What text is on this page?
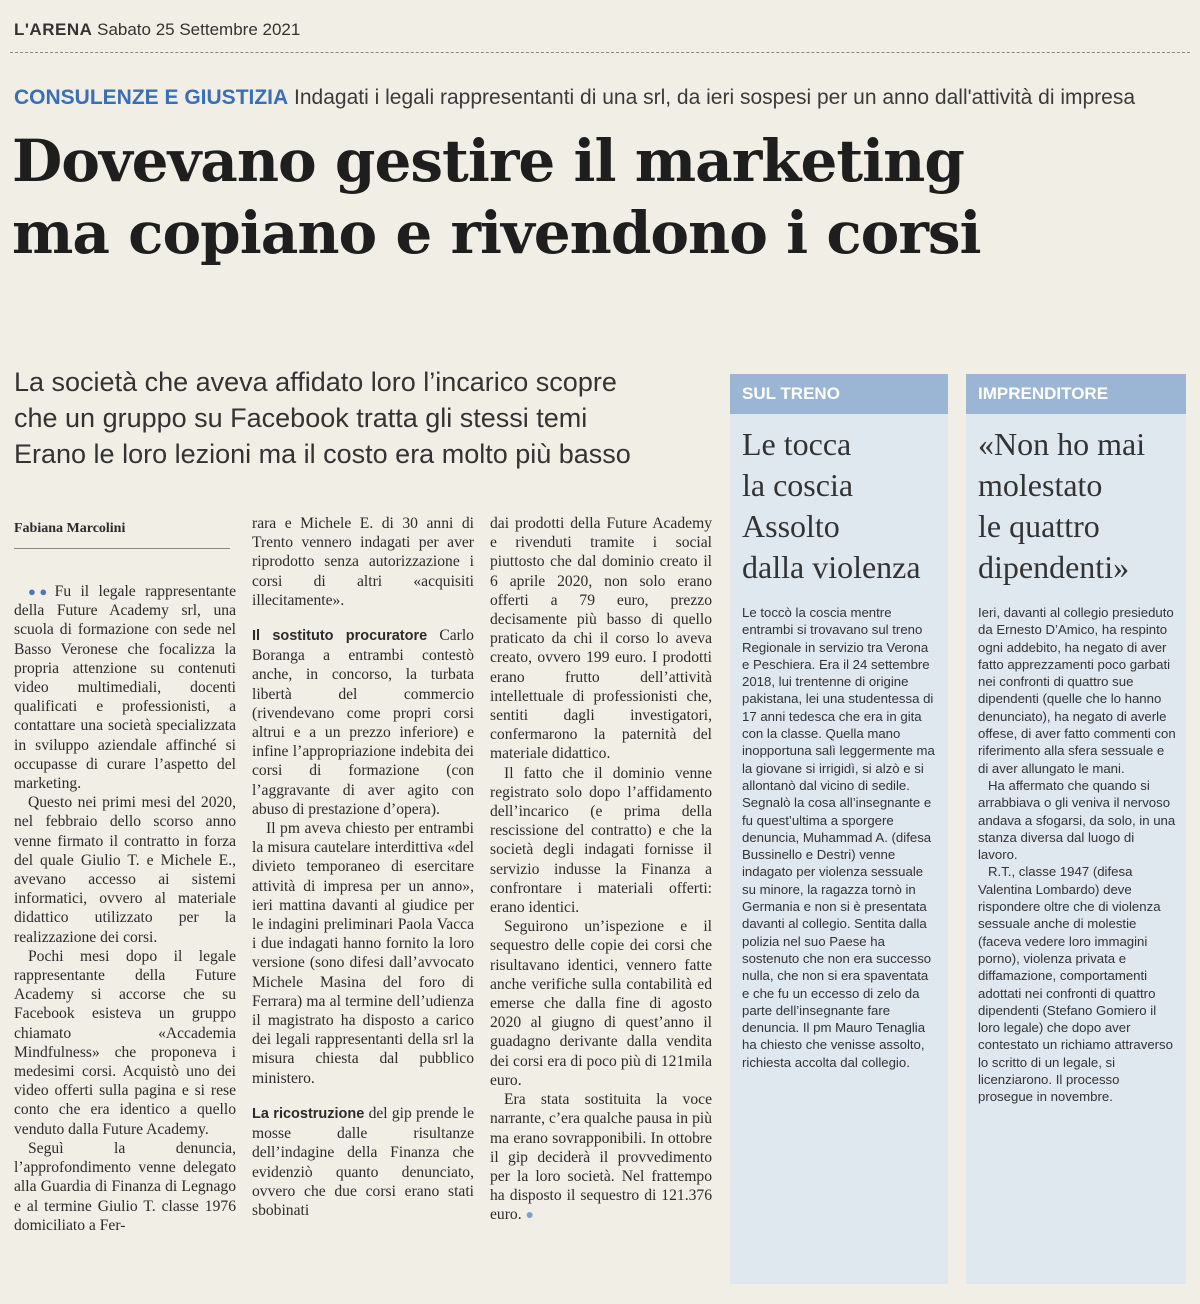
L'ARENA Sabato 25 Settembre 2021
CONSULENZE E GIUSTIZIA Indagati i legali rappresentanti di una srl, da ieri sospesi per un anno dall'attività di impresa
Dovevano gestire il marketing
ma copiano e rivendono i corsi
La società che aveva affidato loro l’incarico scopre
che un gruppo su Facebook tratta gli stessi temi
Erano le loro lezioni ma il costo era molto più basso
Fabiana Marcolini

●● Fu il legale rappresentante della Future Academy srl, una scuola di formazione con sede nel Basso Veronese che focalizza la propria attenzione su contenuti video multimediali, docenti qualificati e professionisti, a contattare una società specializzata in sviluppo aziendale affinché si occupasse di curare l’aspetto del marketing.

Questo nei primi mesi del 2020, nel febbraio dello scorso anno venne firmato il contratto in forza del quale Giulio T. e Michele E., avevano accesso ai sistemi informatici, ovvero al materiale didattico utilizzato per la realizzazione dei corsi.

Pochi mesi dopo il legale rappresentante della Future Academy si accorse che su Facebook esisteva un gruppo chiamato «Accademia Mindfulness» che proponeva i medesimi corsi. Acquistò uno dei video offerti sulla pagina e si rese conto che era identico a quello venduto dalla Future Academy.

Seguì la denuncia, l’approfondimento venne delegato alla Guardia di Finanza di Legnago e al termine Giulio T. classe 1976 domiciliato a Fer-

rara e Michele E. di 30 anni di Trento vennero indagati per aver riprodotto senza autorizzazione i corsi di altri «acquisiti illecitamente».

Il sostituto procuratore Carlo Boranga a entrambi contestò anche, in concorso, la turbata libertà del commercio (rivendevano come propri corsi altrui e a un prezzo inferiore) e infine l’appropriazione indebita dei corsi di formazione (con l’aggravante di aver agito con abuso di prestazione d’opera).

Il pm aveva chiesto per entrambi la misura cautelare interdittiva «del divieto temporaneo di esercitare attività di impresa per un anno», ieri mattina davanti al giudice per le indagini preliminari Paola Vacca i due indagati hanno fornito la loro versione (sono difesi dall’avvocato Michele Masina del foro di Ferrara) ma al termine dell’udienza il magistrato ha disposto a carico dei legali rappresentanti della srl la misura chiesta dal pubblico ministero.

La ricostruzione del gip prende le mosse dalle risultanze dell’indagine della Finanza che evidenziò quanto denunciato, ovvero che due corsi erano stati sbobinati

dai prodotti della Future Academy e rivenduti tramite i social piuttosto che dal dominio creato il 6 aprile 2020, non solo erano offerti a 79 euro, prezzo decisamente più basso di quello praticato da chi il corso lo aveva creato, ovvero 199 euro. I prodotti erano frutto dell’attività intellettuale di professionisti che, sentiti dagli investigatori, confermarono la paternità del materiale didattico.

Il fatto che il dominio venne registrato solo dopo l’affidamento dell’incarico (e prima della rescissione del contratto) e che la società degli indagati fornisse il servizio indusse la Finanza a confrontare i materiali offerti: erano identici.

Seguirono un’ispezione e il sequestro delle copie dei corsi che risultavano identici, vennero fatte anche verifiche sulla contabilità ed emerse che dalla fine di agosto 2020 al giugno di quest’anno il guadagno derivante dalla vendita dei corsi era di poco più di 121mila euro.

Era stata sostituita la voce narrante, c’era qualche pausa in più ma erano sovrapponibili. In ottobre il gip deciderà il provvedimento per la loro società. Nel frattempo ha disposto il sequestro di 121.376 euro. ●

SUL TRENO
Le tocca
la coscia
Assolto
dalla violenza

Le toccò la coscia mentre entrambi si trovavano sul treno Regionale in servizio tra Verona e Peschiera. Era il 24 settembre 2018, lui trentenne di origine pakistana, lei una studentessa di 17 anni tedesca che era in gita con la classe. Quella mano inopportuna salì leggermente ma la giovane si irrigidì, si alzò e si allontanò dal vicino di sedile. Segnalò la cosa all’insegnante e fu quest’ultima a sporgere denuncia, Muhammad A. (difesa Bussinello e Destri) venne indagato per violenza sessuale su minore, la ragazza tornò in Germania e non si è presentata davanti al collegio. Sentita dalla polizia nel suo Paese ha sostenuto che non era successo nulla, che non si era spaventata e che fu un eccesso di zelo da parte dell’insegnante fare denuncia. Il pm Mauro Tenaglia ha chiesto che venisse assolto, richiesta accolta dal collegio.

IMPRENDITORE
«Non ho mai
molestato
le quattro
dipendenti»

Ieri, davanti al collegio presieduto da Ernesto D’Amico, ha respinto ogni addebito, ha negato di aver fatto apprezzamenti poco garbati nei confronti di quattro sue dipendenti (quelle che lo hanno denunciato), ha negato di averle offese, di aver fatto commenti con riferimento alla sfera sessuale e di aver allungato le mani.

Ha affermato che quando si arrabbiava o gli veniva il nervoso andava a sfogarsi, da solo, in una stanza diversa dal luogo di lavoro.

R.T., classe 1947 (difesa Valentina Lombardo) deve rispondere oltre che di violenza sessuale anche di molestie (faceva vedere loro immagini porno), violenza privata e diffamazione, comportamenti adottati nei confronti di quattro dipendenti (Stefano Gomiero il loro legale) che dopo aver contestato un richiamo attraverso lo scritto di un legale, si licenziarono. Il processo prosegue in novembre.
